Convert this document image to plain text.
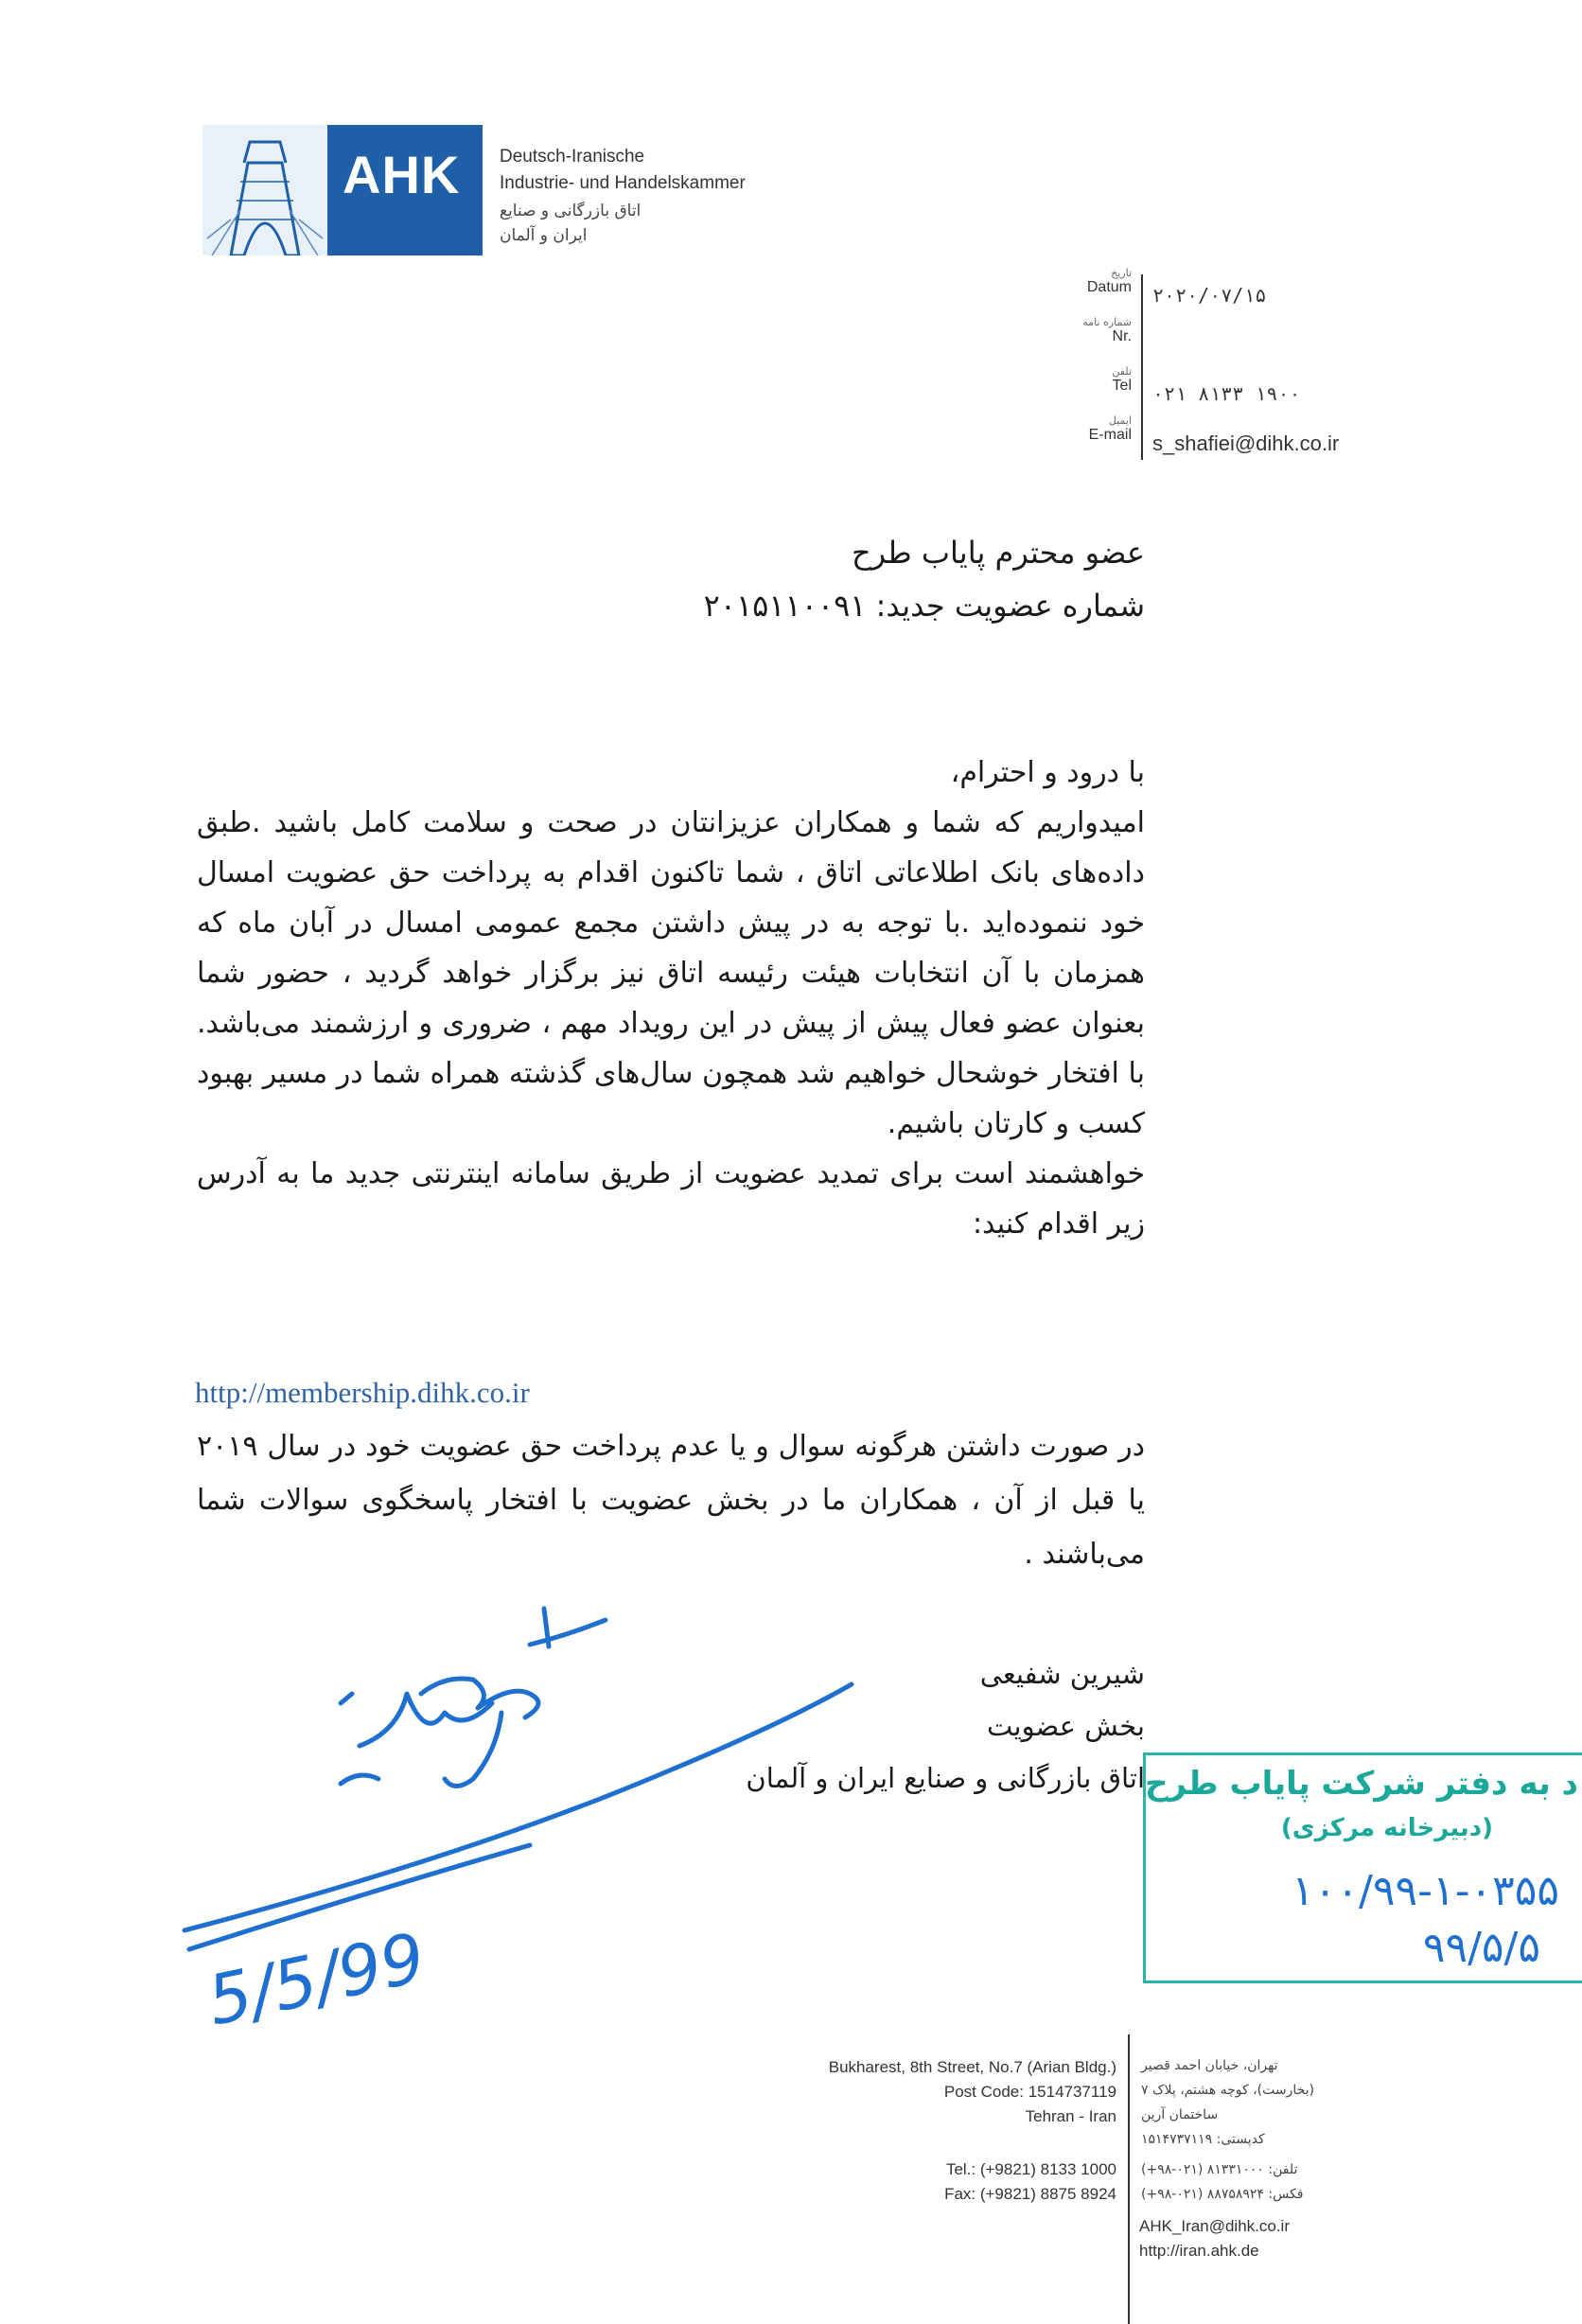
AHK Deutsch-Iranische
Industrie- und Handelskammer
اتاق بازرگانی و صنایع
ایران و آلمان
تاریخ
Datum ۲۰۲۰/۰۷/۱۵
شماره نامه
Nr.
تلفن
Tel ۰۲۱ ۸۱۳۳ ۱۹۰۰
ایمیل
E-mail s_shafiei@dihk.co.ir
عضو محترم پایاب طرح
شماره عضویت جدید: ۲۰۱۵۱۱۰۰۹۱

با درود و احترام،

امیدواریم که شما و همکاران عزیزانتان در صحت و سلامت کامل باشید .طبق داده‌های بانک اطلاعاتی اتاق ، شما تاکنون اقدام به پرداخت حق عضویت امسال خود ننموده‌اید .با توجه به در پیش داشتن مجمع عمومی امسال در آبان ماه که همزمان با آن انتخابات هیئت رئیسه اتاق نیز برگزار خواهد گردید ، حضور شما بعنوان عضو فعال پیش از پیش در این رویداد مهم ، ضروری و ارزشمند می‌باشد. با افتخار خوشحال خواهیم شد همچون سال‌های گذشته همراه شما در مسیر بهبود کسب و کارتان باشیم.

خواهشمند است برای تمدید عضویت از طریق سامانه اینترنتی جدید ما به آدرس زیر اقدام کنید:

http://membership.dihk.co.ir
در صورت داشتن هرگونه سوال و یا عدم پرداخت حق عضویت خود در سال ۲۰۱۹ یا قبل از آن ، همکاران ما در بخش عضویت با افتخار پاسخگوی سوالات شما می‌باشند .
شیرین شفیعی
بخش عضویت
اتاق بازرگانی و صنایع ایران و آلمان
5/5/99
د به دفتر شرکت پایاب طرح
(دبیرخانه مرکزی)
۱۰۰/۹۹-۱-۰۳۵۵
۹۹/۵/۵
Bukharest, 8th Street, No.7 (Arian Bldg.)
Post Code: 1514737119
Tehran - Iran
Tel.: (+9821) 8133 1000
Fax: (+9821) 8875 8924
تهران، خیابان احمد قصیر
(بخارست)، کوچه هشتم، پلاک ۷
ساختمان آرین
کدپستی: ۱۵۱۴۷۳۷۱۱۹
تلفن: ۸۱۳۳۱۰۰۰ (۰۲۱-۹۸+)
فکس: ۸۸۷۵۸۹۲۴ (۰۲۱-۹۸+)
AHK_Iran@dihk.co.ir
http://iran.ahk.de
